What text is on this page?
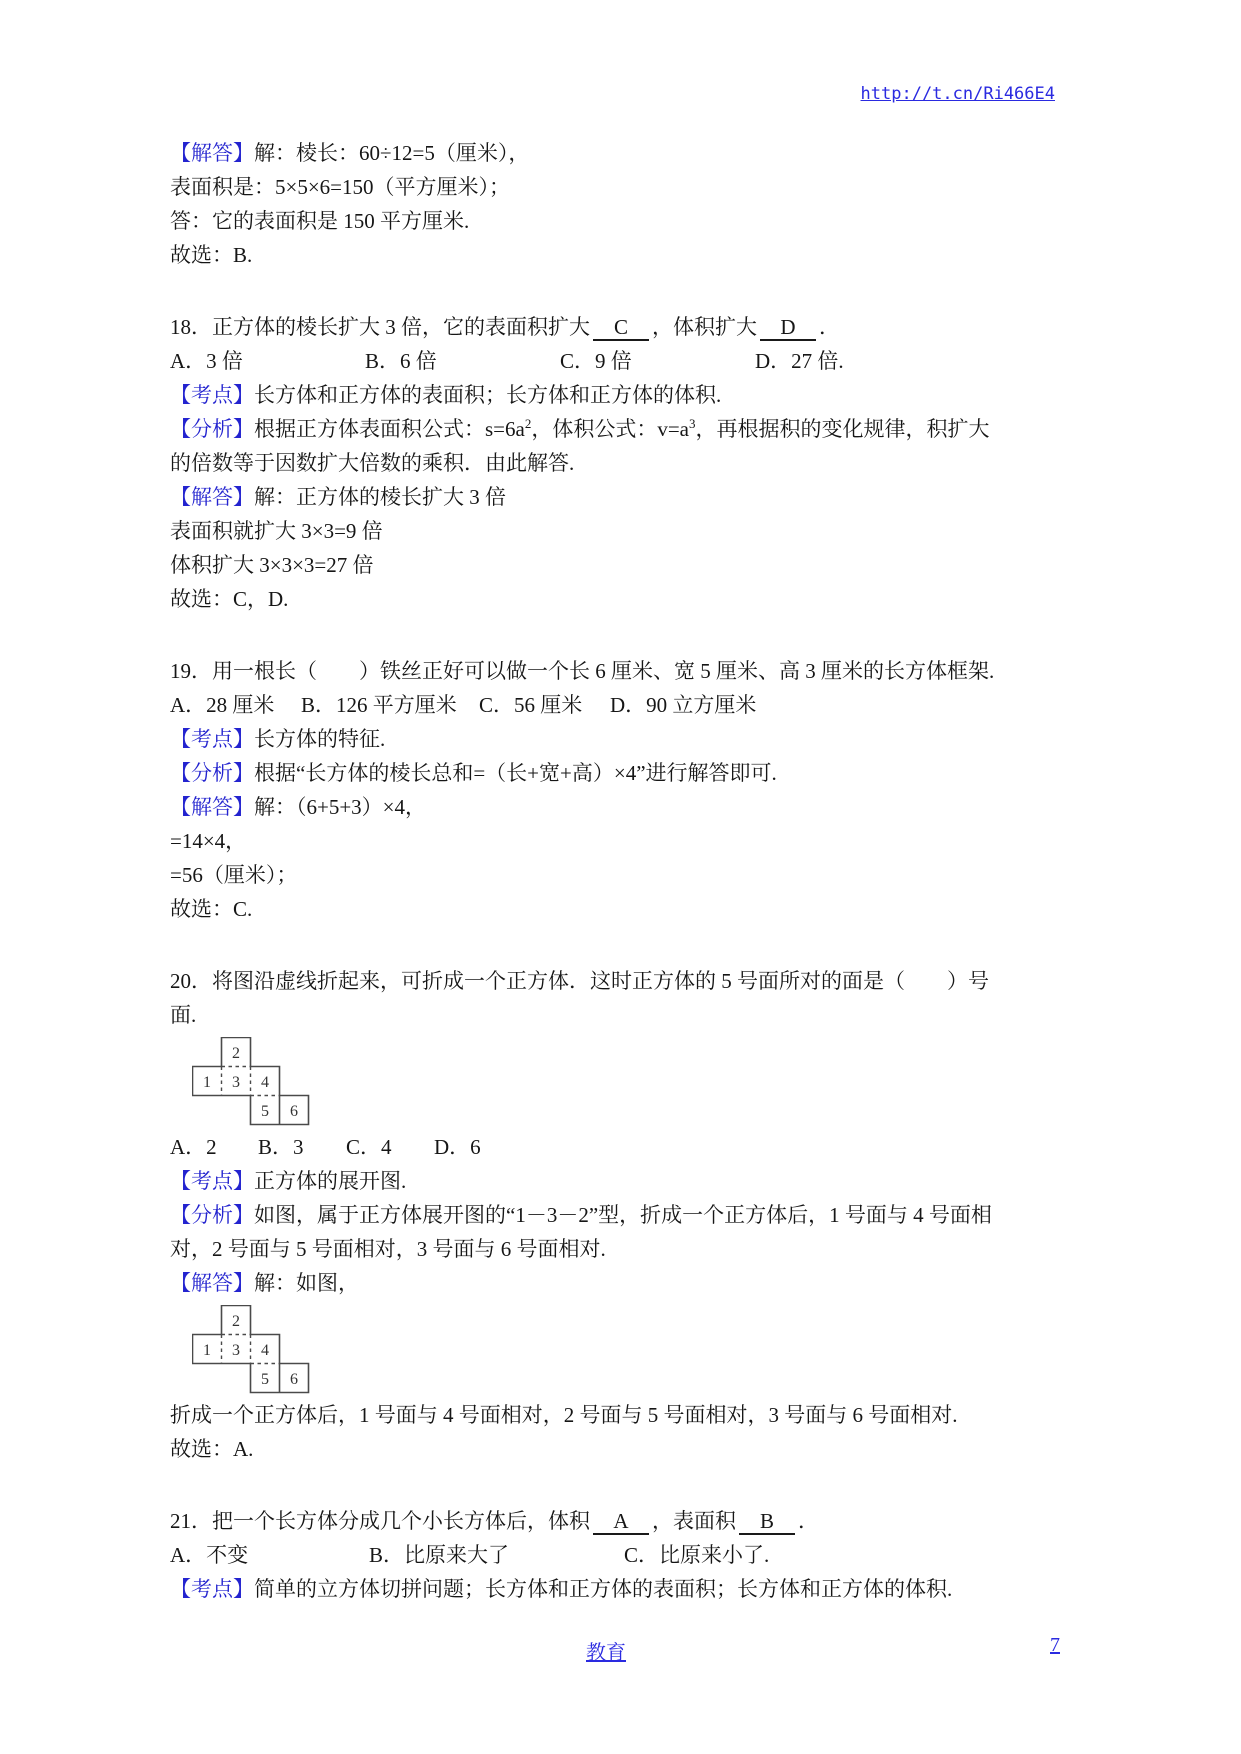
http://t.cn/Ri466E4

【解答】解：棱长：60÷12=5（厘米），

表面积是：5×5×6=150（平方厘米）；

答：它的表面积是 150 平方厘米.

故选：B.

18．正方体的棱长扩大 3 倍，它的表面积扩大 C ，体积扩大 D ．

A．3 倍	B．6 倍	C．9 倍	D．27 倍.

【考点】长方体和正方体的表面积；长方体和正方体的体积.

【分析】根据正方体表面积公式：$s=6a^2$，体积公式：$v=a^3$，再根据积的变化规律，积扩大

的倍数等于因数扩大倍数的乘积．由此解答.

【解答】解：正方体的棱长扩大 3 倍

表面积就扩大 3×3=9 倍

体积扩大 3×3×3=27 倍

故选：C，D.

19．用一根长（　　）铁丝正好可以做一个长 6 厘米、宽 5 厘米、高 3 厘米的长方体框架.

A．28 厘米 B．126 平方厘米 C．56 厘米 D．90 立方厘米

【考点】长方体的特征.

【分析】根据“长方体的棱长总和=（长+宽+高）×4”进行解答即可.

【解答】解：（6+5+3）×4，

=14×4，

=56（厘米）；

故选：C.

20．将图沿虚线折起来，可折成一个正方体．这时正方体的 5 号面所对的面是（　　）号

面.

2
1 3 4
5 6

A．2 B．3 C．4 D．6

【考点】正方体的展开图.

【分析】如图，属于正方体展开图的“1－3－2”型，折成一个正方体后，1 号面与 4 号面相

对，2 号面与 5 号面相对，3 号面与 6 号面相对.

【解答】解：如图，

2
1 3 4
5 6

折成一个正方体后，1 号面与 4 号面相对，2 号面与 5 号面相对，3 号面与 6 号面相对.

故选：A.

21．把一个长方体分成几个小长方体后，体积 A ，表面积 B ．

A．不变	B．比原来大了	C．比原来小了.

【考点】简单的立方体切拼问题；长方体和正方体的表面积；长方体和正方体的体积.

教育	7
